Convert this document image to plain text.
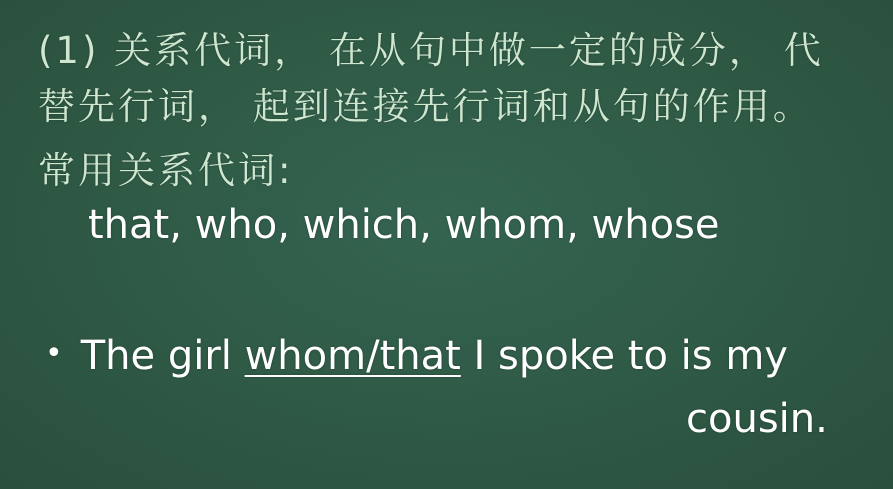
(1) 关系代词， 在从句中做一定的成分， 代
替先行词， 起到连接先行词和从句的作用。
常用关系代词:
that, who, which, whom, whose
• The girl whom/that I spoke to is my
cousin.
